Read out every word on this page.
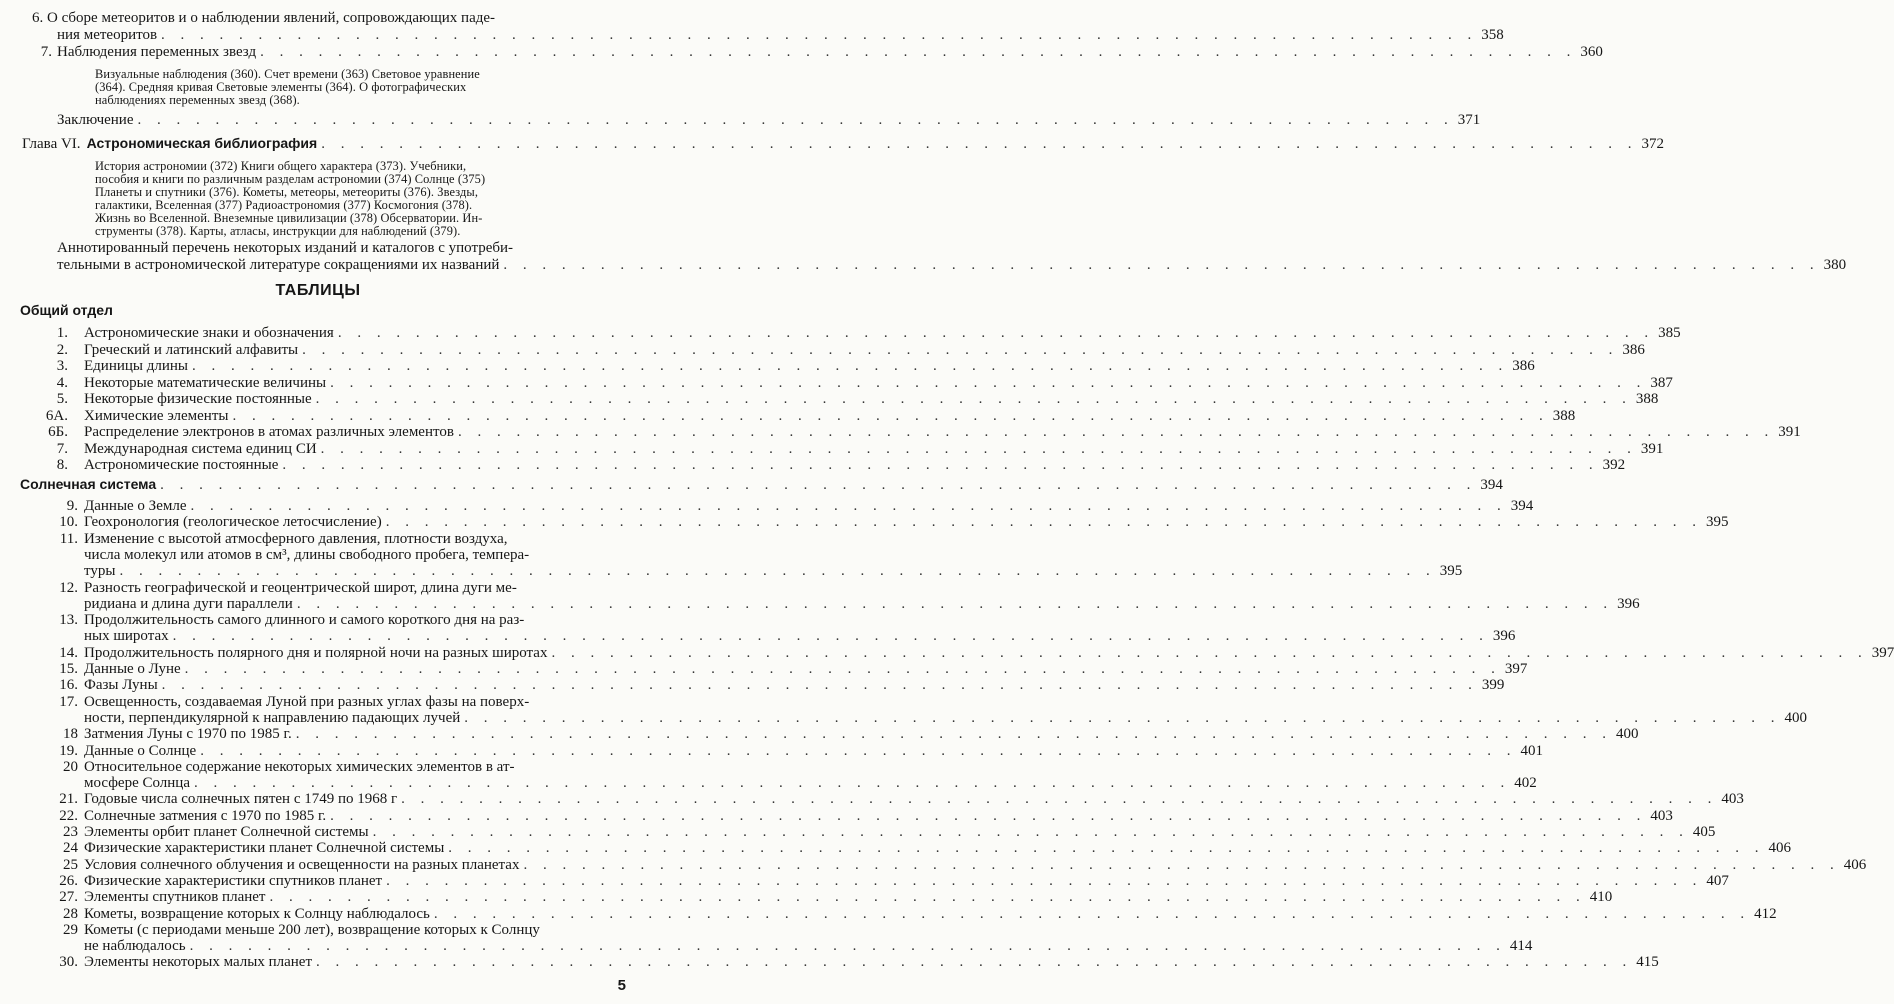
6. О сборе метеоритов и о наблюдении явлений, сопровождающих паде-
ния метеоритов . . .	358
7. Наблюдения переменных звезд . . .	360
Визуальные наблюдения (360). Счет времени (363) Световое уравнение
(364). Средняя кривая Световые элементы (364). О фотографических
наблюдениях переменных звезд (368).
Заключение . . .	371
Глава VI. Астрономическая библиография . . .	372
История астрономии (372) Книги общего характера (373). Учебники,
пособия и книги по различным разделам астрономии (374) Солнце (375)
Планеты и спутники (376). Кометы, метеоры, метеориты (376). Звезды,
галактики, Вселенная (377) Радиоастрономия (377) Космогония (378).
Жизнь во Вселенной. Внеземные цивилизации (378) Обсерватории. Ин-
струменты (378). Карты, атласы, инструкции для наблюдений (379).
Аннотированный перечень некоторых изданий и каталогов с употреби-
тельными в астрономической литературе сокращениями их названий . . .	380
ТАБЛИЦЫ
Общий отдел
1. Астрономические знаки и обозначения . . .	385
2. Греческий и латинский алфавиты . . .	386
3. Единицы длины . . .	386
4. Некоторые математические величины . . .	387
5. Некоторые физические постоянные . . .	388
6А. Химические элементы . . .	388
6Б. Распределение электронов в атомах различных элементов . . .	391
7. Международная система единиц СИ . . .	391
8. Астрономические постоянные . . .	392
Солнечная система . . .	394
9. Данные о Земле . . .	394
10. Геохронология (геологическое летосчисление) . . .	395
11. Изменение с высотой атмосферного давления, плотности воздуха,
числа молекул или атомов в см³, длины свободного пробега, темпера-
туры . . .	395
12. Разность географической и геоцентрической широт, длина дуги ме-
ридиана и длина дуги параллели . . .	396
13. Продолжительность самого длинного и самого короткого дня на раз-
ных широтах . . .	396
14. Продолжительность полярного дня и полярной ночи на разных широтах . . .	397
15. Данные о Луне . . .	397
16. Фазы Луны . . .	399
17. Освещенность, создаваемая Луной при разных углах фазы на поверх-
ности, перпендикулярной к направлению падающих лучей . . .	400
18 Затмения Луны с 1970 по 1985 г. . . .	400
19. Данные о Солнце . . .	401
20 Относительное содержание некоторых химических элементов в ат-
мосфере Солнца . . .	402
21. Годовые числа солнечных пятен с 1749 по 1968 г . . .	403
22. Солнечные затмения с 1970 по 1985 г. . . .	403
23 Элементы орбит планет Солнечной системы . . .	405
24 Физические характеристики планет Солнечной системы . . .	406
25 Условия солнечного облучения и освещенности на разных планетах . . .	406
26. Физические характеристики спутников планет . . .	407
27. Элементы спутников планет . . .	410
28 Кометы, возвращение которых к Солнцу наблюдалось . . .	412
29 Кометы (с периодами меньше 200 лет), возвращение которых к Солнцу
не наблюдалось . . .	414
30. Элементы некоторых малых планет . . .	415
5
